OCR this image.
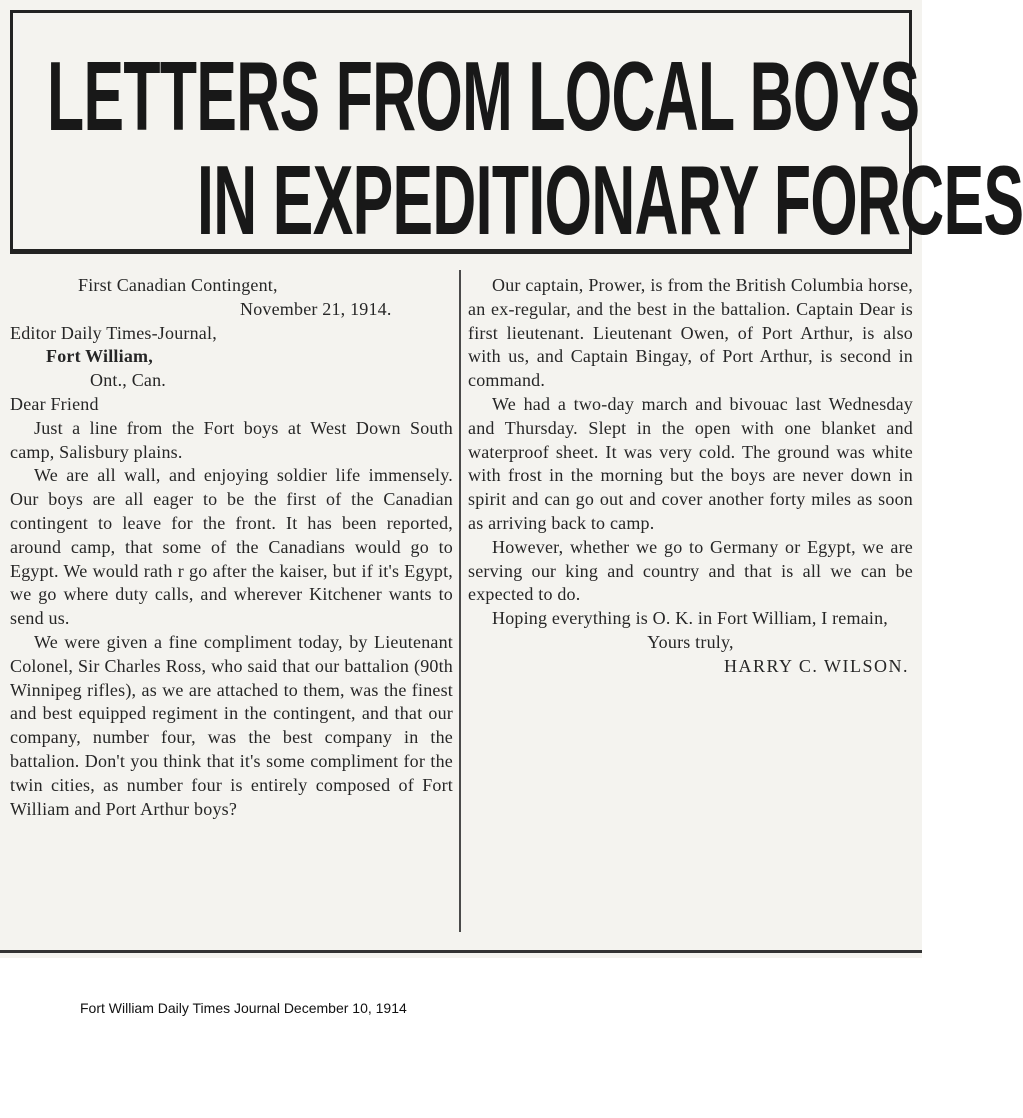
LETTERS FROM LOCAL BOYS
IN EXPEDITIONARY FORCES
First Canadian Contingent,
November 21, 1914.
Editor Daily Times-Journal,
Fort William,
Ont., Can.
Dear Friend

Just a line from the Fort boys at West Down South camp, Salisbury plains.

We are all wall, and enjoying soldier life immensely. Our boys are all eager to be the first of the Canadian contingent to leave for the front. It has been reported, around camp, that some of the Canadians would go to Egypt. We would rath r go after the kaiser, but if it's Egypt, we go where duty calls, and wherever Kitchener wants to send us.

We were given a fine compliment today, by Lieutenant Colonel, Sir Charles Ross, who said that our battalion (90th Winnipeg rifles), as we are attached to them, was the finest and best equipped regiment in the contingent, and that our company, number four, was the best company in the battalion. Don't you think that it's some compliment for the twin cities, as number four is entirely composed of Fort William and Port Arthur boys?

Our captain, Prower, is from the British Columbia horse, an ex-regular, and the best in the battalion. Captain Dear is first lieutenant. Lieutenant Owen, of Port Arthur, is also with us, and Captain Bingay, of Port Arthur, is second in command.

We had a two-day march and bivouac last Wednesday and Thursday. Slept in the open with one blanket and waterproof sheet. It was very cold. The ground was white with frost in the morning but the boys are never down in spirit and can go out and cover another forty miles as soon as arriving back to camp.

However, whether we go to Germany or Egypt, we are serving our king and country and that is all we can be expected to do.

Hoping everything is O. K. in Fort William, I remain,

Yours truly,
HARRY C. WILSON.
Fort William Daily Times Journal December 10, 1914
